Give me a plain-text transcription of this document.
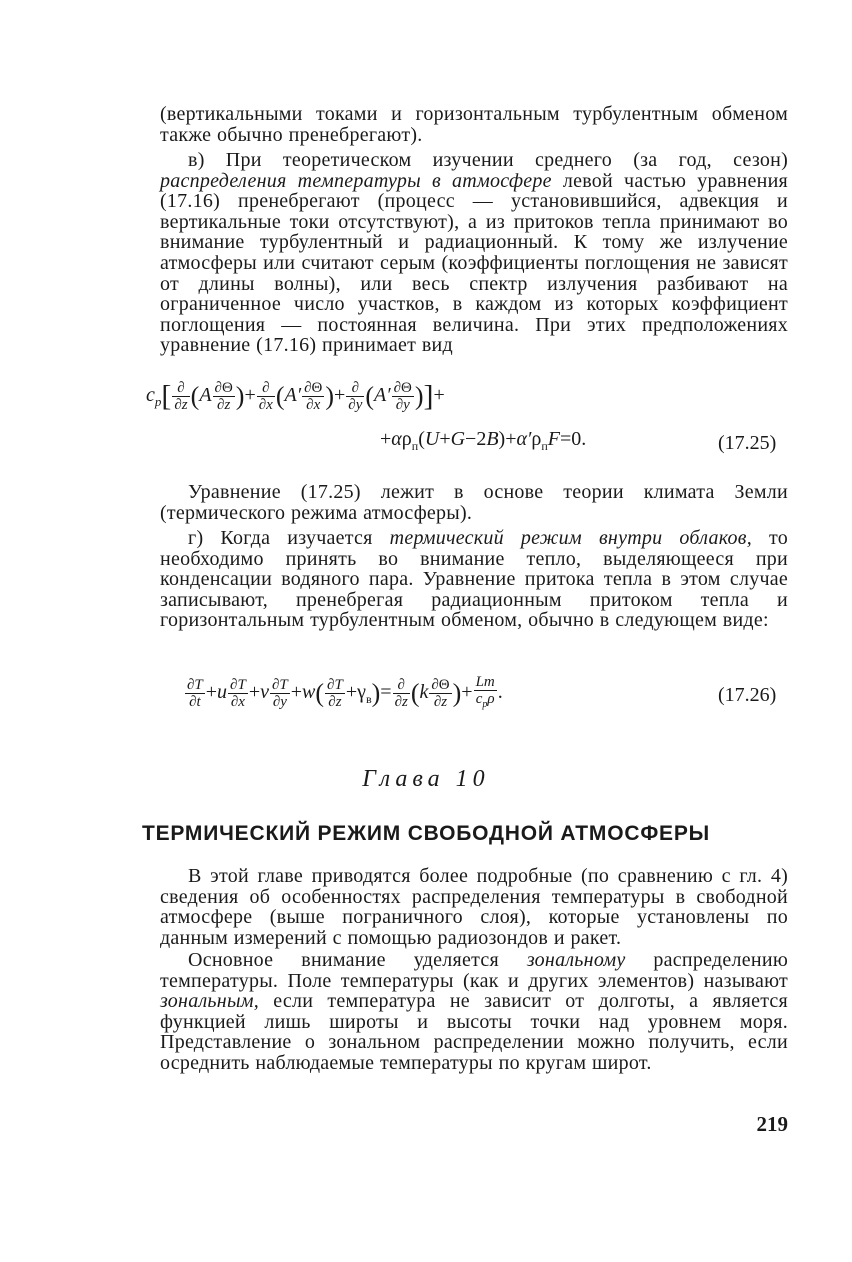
(вертикальными токами и горизонтальным турбулентным обменом также обычно пренебрегают).
в) При теоретическом изучении среднего (за год, сезон) распределения температуры в атмосфере левой частью уравнения (17.16) пренебрегают (процесс — установившийся, адвекция и вертикальные токи отсутствуют), а из притоков тепла принимают во внимание турбулентный и радиационный. К тому же излучение атмосферы или считают серым (коэффициенты поглощения не зависят от длины волны), или весь спектр излучения разбивают на ограниченное число участков, в каждом из которых коэффициент поглощения — постоянная величина. При этих предположениях уравнение (17.16) принимает вид
$c_p[ \frac{\partial}{\partial z} (A \frac{\partial\Theta}{\partial z}$ )+ $\frac{\partial}{\partial x} (A' \frac{\partial\Theta}{\partial x}$ )+ $\frac{\partial}{\partial y} (A' \frac{\partial\Theta}{\partial y}$ )]+
$+\alpha\rho_п(U+G-2B)+\alpha'\rho_пF=0$.	(17.25)
Уравнение (17.25) лежит в основе теории климата Земли (термического режима атмосферы).
г) Когда изучается термический режим внутри облаков, то необходимо принять во внимание тепло, выделяющееся при конденсации водяного пара. Уравнение притока тепла в этом случае записывают, пренебрегая радиационным притоком тепла и горизонтальным турбулентным обменом, обычно в следующем виде:
$\frac{\partial T}{\partial t} +u \frac{\partial T}{\partial x} +v \frac{\partial T}{\partial y} +w( \frac{\partial T}{\partial z} +\gamma_в)= \frac{\partial}{\partial z} (k \frac{\partial\Theta}{\partial z}$ )+ $\frac{Lm}{c_p\rho}$ .	(17.26)
Глава 10
ТЕРМИЧЕСКИЙ РЕЖИМ СВОБОДНОЙ АТМОСФЕРЫ
В этой главе приводятся более подробные (по сравнению с гл. 4) сведения об особенностях распределения температуры в свободной атмосфере (выше пограничного слоя), которые установлены по данным измерений с помощью радиозондов и ракет.
Основное внимание уделяется зональному распределению температуры. Поле температуры (как и других элементов) называют зональным, если температура не зависит от долготы, а является функцией лишь широты и высоты точки над уровнем моря. Представление о зональном распределении можно получить, если осреднить наблюдаемые температуры по кругам широт.
219
